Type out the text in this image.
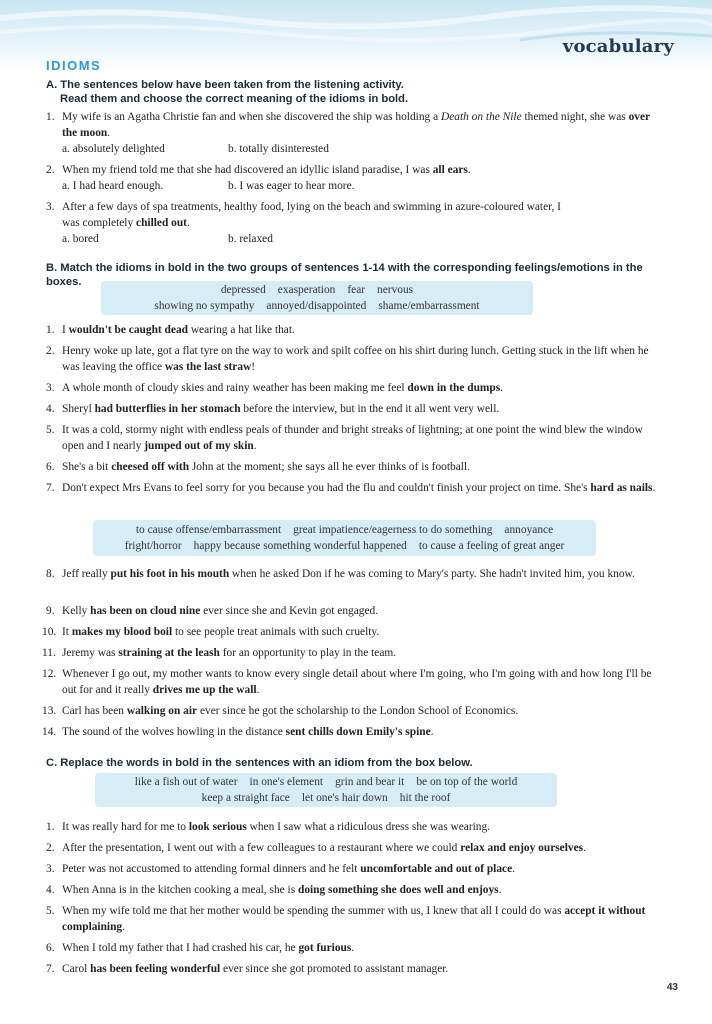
vocabulary
IDIOMS
A. The sentences below have been taken from the listening activity.
Read them and choose the correct meaning of the idioms in bold.
1. My wife is an Agatha Christie fan and when she discovered the ship was holding a Death on the Nile themed night, she was over the moon.
a. absolutely delighted	b. totally disinterested
2. When my friend told me that she had discovered an idyllic island paradise, I was all ears.
a. I had heard enough.	b. I was eager to hear more.
3. After a few days of spa treatments, healthy food, lying on the beach and swimming in azure-coloured water, I was completely chilled out.
a. bored	b. relaxed
B. Match the idioms in bold in the two groups of sentences 1-14 with the corresponding feelings/emotions in the boxes.
depressed exasperation fear nervous
showing no sympathy annoyed/disappointed shame/embarrassment
1. I wouldn't be caught dead wearing a hat like that.
2. Henry woke up late, got a flat tyre on the way to work and spilt coffee on his shirt during lunch. Getting stuck in the lift when he was leaving the office was the last straw!
3. A whole month of cloudy skies and rainy weather has been making me feel down in the dumps.
4. Sheryl had butterflies in her stomach before the interview, but in the end it all went very well.
5. It was a cold, stormy night with endless peals of thunder and bright streaks of lightning; at one point the wind blew the window open and I nearly jumped out of my skin.
6. She's a bit cheesed off with John at the moment; she says all he ever thinks of is football.
7. Don't expect Mrs Evans to feel sorry for you because you had the flu and couldn't finish your project on time. She's hard as nails.
to cause offense/embarrassment great impatience/eagerness to do something annoyance
fright/horror happy because something wonderful happened to cause a feeling of great anger
8. Jeff really put his foot in his mouth when he asked Don if he was coming to Mary's party. She hadn't invited him, you know.
9. Kelly has been on cloud nine ever since she and Kevin got engaged.
10. It makes my blood boil to see people treat animals with such cruelty.
11. Jeremy was straining at the leash for an opportunity to play in the team.
12. Whenever I go out, my mother wants to know every single detail about where I'm going, who I'm going with and how long I'll be out for and it really drives me up the wall.
13. Carl has been walking on air ever since he got the scholarship to the London School of Economics.
14. The sound of the wolves howling in the distance sent chills down Emily's spine.
C. Replace the words in bold in the sentences with an idiom from the box below.
like a fish out of water in one's element grin and bear it be on top of the world
keep a straight face let one's hair down hit the roof
1. It was really hard for me to look serious when I saw what a ridiculous dress she was wearing.
2. After the presentation, I went out with a few colleagues to a restaurant where we could relax and enjoy ourselves.
3. Peter was not accustomed to attending formal dinners and he felt uncomfortable and out of place.
4. When Anna is in the kitchen cooking a meal, she is doing something she does well and enjoys.
5. When my wife told me that her mother would be spending the summer with us, I knew that all I could do was accept it without complaining.
6. When I told my father that I had crashed his car, he got furious.
7. Carol has been feeling wonderful ever since she got promoted to assistant manager.
43
